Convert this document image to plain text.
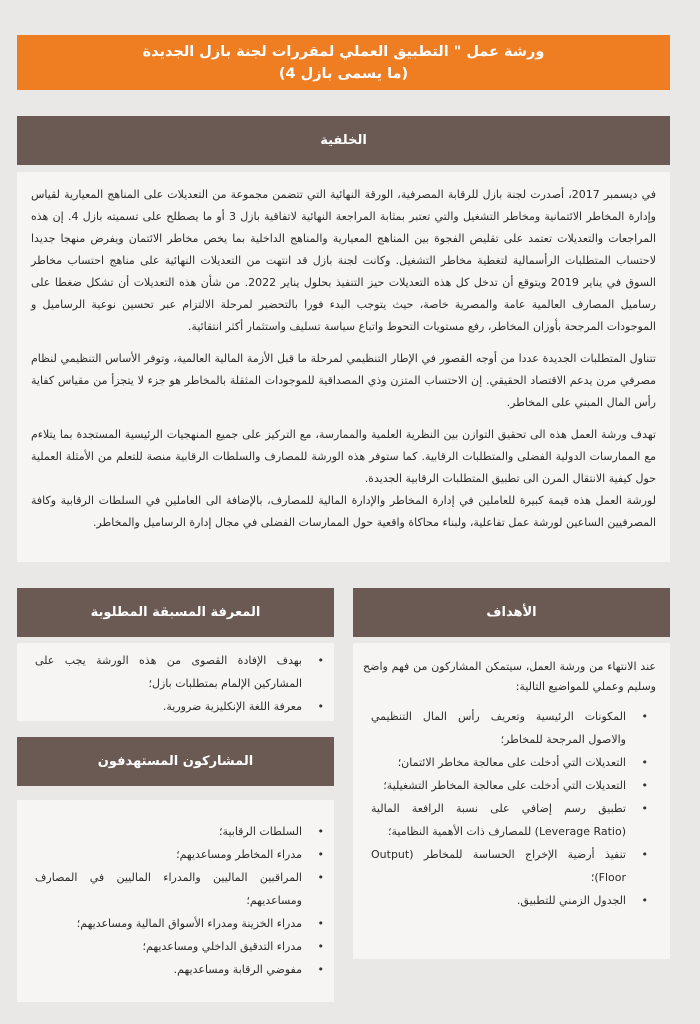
ورشة عمل " التطبيق العملي لمقررات لجنة بازل الجديدة
(ما يسمى بازل 4)
الخلفية

في ديسمبر 2017، أصدرت لجنة بازل للرقابة المصرفية، الورقة النهائية التي تتضمن مجموعة من التعديلات على المناهج المعيارية لقياس وإدارة المخاطر الائتمانية ومخاطر التشغيل والتي تعتبر بمثابة المراجعة النهائية لاتفاقية بازل 3 أو ما يصطلح على تسميته بازل 4. إن هذه المراجعات والتعديلات تعتمد على تقليص الفجوة بين المناهج المعيارية والمناهج الداخلية بما يخص مخاطر الائتمان ويفرض منهجا جديدا لاحتساب المتطلبات الرأسمالية لتغطية مخاطر التشغيل. وكانت لجنة بازل قد انتهت من التعديلات النهائية على مناهج احتساب مخاطر السوق في يناير 2019 ويتوقع أن تدخل كل هذه التعديلات حيز التنفيذ بحلول يناير 2022. من شأن هذه التعديلات أن تشكل ضغطا على رساميل المصارف العالمية عامة والمصرية خاصة، حيث يتوجب البدء فورا بالتحضير لمرحلة الالتزام عبر تحسين نوعية الرساميل و الموجودات المرجحة بأوزان المخاطر، رفع مستويات التحوط واتباع سياسة تسليف واستثمار أكثر انتقائية.

تتناول المتطلبات الجديدة عددا من أوجه القصور في الإطار التنظيمي لمرحلة ما قبل الأزمة المالية العالمية، وتوفر الأساس التنظيمي لنظام مصرفي مرن يدعم الاقتصاد الحقيقي. إن الاحتساب المتزن وذي المصداقية للموجودات المثقلة بالمخاطر هو جزء لا يتجزأ من مقياس كفاية رأس المال المبني على المخاطر.

تهدف ورشة العمل هذه الى تحقيق التوازن بين النظرية العلمية والممارسة، مع التركيز على جميع المنهجيات الرئيسية المستجدة بما يتلاءم مع الممارسات الدولية الفضلى والمتطلبات الرقابية. كما ستوفر هذه الورشة للمصارف والسلطات الرقابية منصة للتعلم من الأمثلة العملية حول كيفية الانتقال المرن الى تطبيق المتطلبات الرقابية الجديدة.

لورشة العمل هذه قيمة كبيرة للعاملين في إدارة المخاطر والإدارة المالية للمصارف، بالإضافة الى العاملين في السلطات الرقابية وكافة المصرفيين الساعين لورشة عمل تفاعلية، ولبناء محاكاة واقعية حول الممارسات الفضلى في مجال إدارة الرساميل والمخاطر.

المعرفة المسبقة المطلوبة
• بهدف الإفادة القصوى من هذه الورشة يجب على المشاركين الإلمام بمتطلبات بازل؛
• معرفة اللغة الإنكليزية ضرورية.
المشاركون المستهدفون
• السلطات الرقابية؛
• مدراء المخاطر ومساعديهم؛
• المراقبين الماليين والمدراء الماليين في المصارف ومساعديهم؛
• مدراء الخزينة ومدراء الأسواق المالية ومساعديهم؛
• مدراء التدقيق الداخلي ومساعديهم؛
• مفوضي الرقابة ومساعديهم.
الأهداف
عند الانتهاء من ورشة العمل، سيتمكن المشاركون من فهم واضح وسليم وعملي للمواضيع التالية:
• المكونات الرئيسية وتعريف رأس المال التنظيمي والاصول المرجحة للمخاطر؛
• التعديلات التي أدخلت على معالجة مخاطر الائتمان؛
• التعديلات التي أدخلت على معالجة المخاطر التشغيلية؛
• تطبيق رسم إضافي على نسبة الرافعة المالية (Leverage Ratio) للمصارف ذات الأهمية النظامية؛
• تنفيذ أرضية الإخراج الحساسة للمخاطر (Output Floor)؛
• الجدول الزمني للتطبيق.
